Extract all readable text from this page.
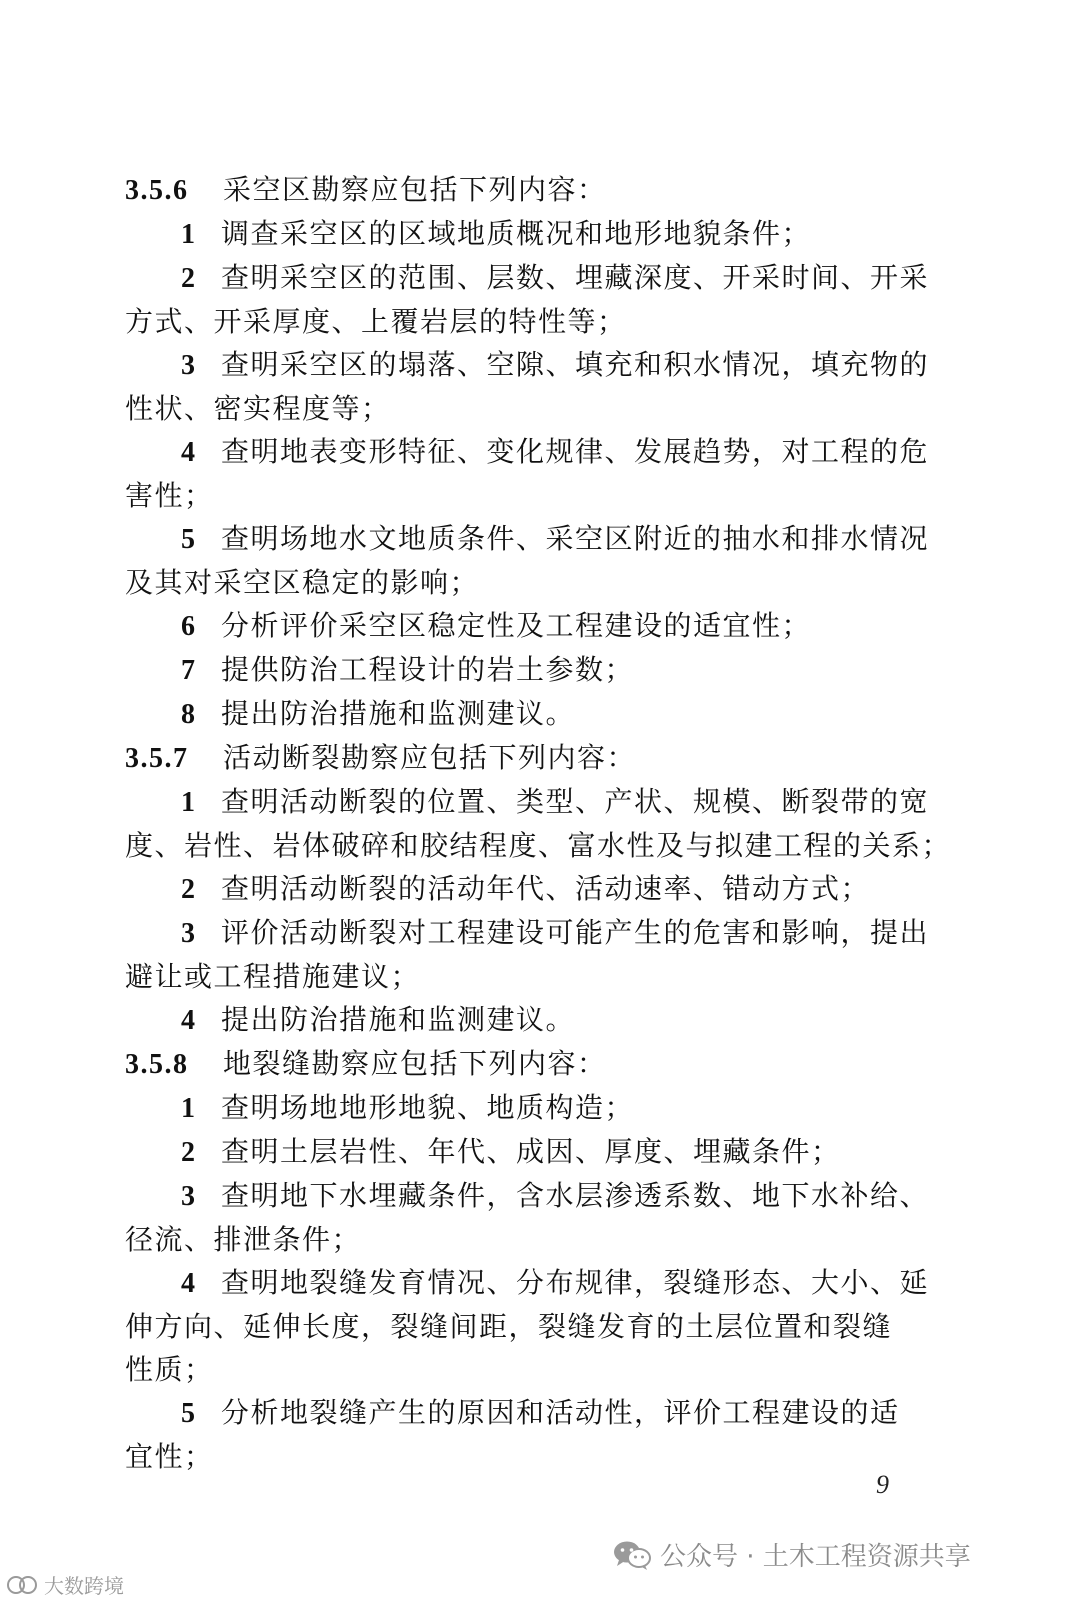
3.5.6 采空区勘察应包括下列内容：
1 调查采空区的区域地质概况和地形地貌条件；
2 查明采空区的范围、层数、埋藏深度、开采时间、开采
方式、开采厚度、上覆岩层的特性等；
3 查明采空区的塌落、空隙、填充和积水情况，填充物的
性状、密实程度等；
4 查明地表变形特征、变化规律、发展趋势，对工程的危
害性；
5 查明场地水文地质条件、采空区附近的抽水和排水情况
及其对采空区稳定的影响；
6 分析评价采空区稳定性及工程建设的适宜性；
7 提供防治工程设计的岩土参数；
8 提出防治措施和监测建议。
3.5.7 活动断裂勘察应包括下列内容：
1 查明活动断裂的位置、类型、产状、规模、断裂带的宽
度、岩性、岩体破碎和胶结程度、富水性及与拟建工程的关系；
2 查明活动断裂的活动年代、活动速率、错动方式；
3 评价活动断裂对工程建设可能产生的危害和影响，提出
避让或工程措施建议；
4 提出防治措施和监测建议。
3.5.8 地裂缝勘察应包括下列内容：
1 查明场地地形地貌、地质构造；
2 查明土层岩性、年代、成因、厚度、埋藏条件；
3 查明地下水埋藏条件，含水层渗透系数、地下水补给、
径流、排泄条件；
4 查明地裂缝发育情况、分布规律，裂缝形态、大小、延
伸方向、延伸长度，裂缝间距，裂缝发育的土层位置和裂缝
性质；
5 分析地裂缝产生的原因和活动性，评价工程建设的适
宜性；
9
公众号 · 土木工程资源共享
大数跨境
